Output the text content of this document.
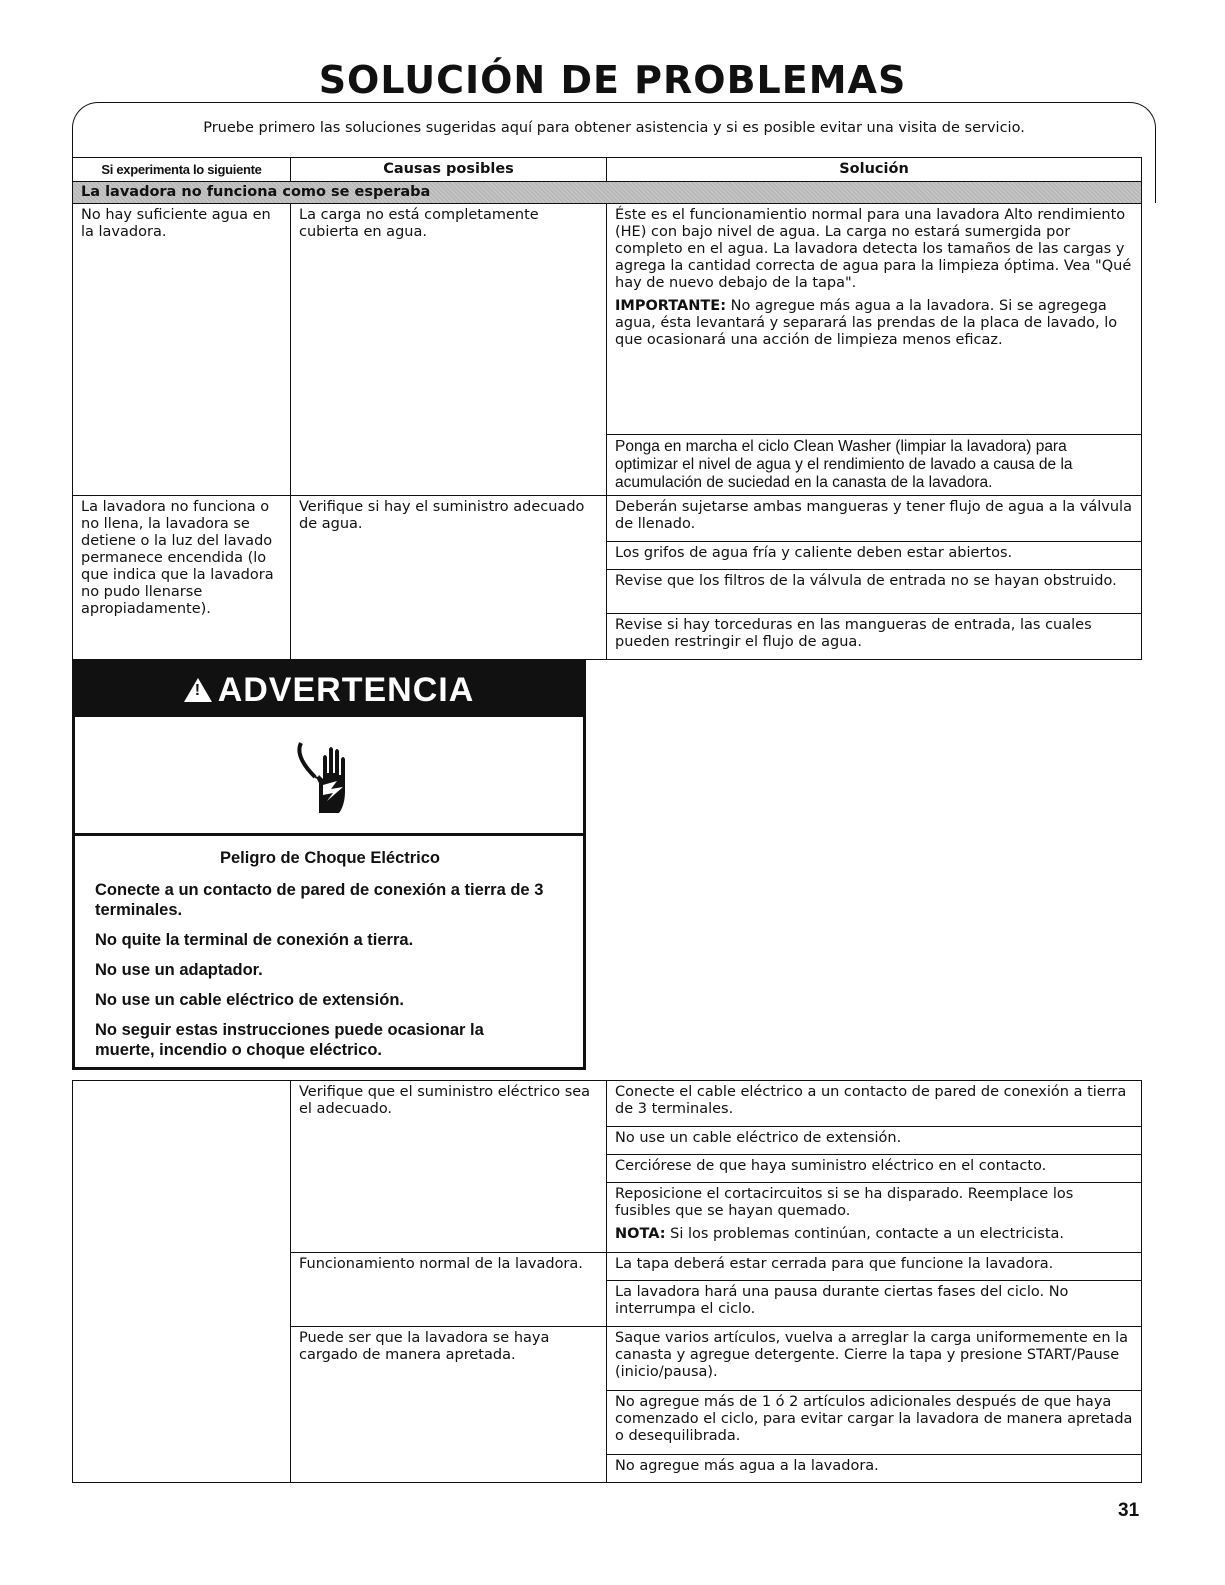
SOLUCIÓN DE PROBLEMAS
Pruebe primero las soluciones sugeridas aquí para obtener asistencia y si es posible evitar una visita de servicio.
Si experimenta lo siguiente	Causas posibles	Solución
La lavadora no funciona como se esperaba		
No hay suficiente agua en la lavadora.	La carga no está completamente cubierta en agua.	Éste es el funcionamientio normal para una lavadora Alto rendimiento (HE) con bajo nivel de agua. La carga no estará sumergida por completo en el agua. La lavadora detecta los tamaños de las cargas y agrega la cantidad correcta de agua para la limpieza óptima. Vea "Qué hay de nuevo debajo de la tapa".

IMPORTANTE: No agregue más agua a la lavadora. Si se agregega agua, ésta levantará y separará las prendas de la placa de lavado, lo que ocasionará una acción de limpieza menos eficaz.

		Ponga en marcha el ciclo Clean Washer (limpiar la lavadora) para optimizar el nivel de agua y el rendimiento de lavado a causa de la acumulación de suciedad en la canasta de la lavadora.
La lavadora no funciona o no llena, la lavadora se detiene o la luz del lavado permanece encendida (lo que indica que la lavadora no pudo llenarse apropiadamente).	Verifique si hay el suministro adecuado de agua.	Deberán sujetarse ambas mangueras y tener flujo de agua a la válvula de llenado.
		Los grifos de agua fría y caliente deben estar abiertos.
		Revise que los filtros de la válvula de entrada no se hayan obstruido.
		Revise si hay torceduras en las mangueras de entrada, las cuales pueden restringir el flujo de agua.
! ADVERTENCIA

Peligro de Choque Eléctrico

Conecte a un contacto de pared de conexión a tierra de 3 terminales.

No quite la terminal de conexión a tierra.

No use un adaptador.

No use un cable eléctrico de extensión.

No seguir estas instrucciones puede ocasionar la muerte, incendio o choque eléctrico.

	Verifique que el suministro eléctrico sea el adecuado.	Conecte el cable eléctrico a un contacto de pared de conexión a tierra de 3 terminales.
		No use un cable eléctrico de extensión.
		Cerciórese de que haya suministro eléctrico en el contacto.

		Reposicione el cortacircuitos si se ha disparado. Reemplace los fusibles que se hayan quemado.

NOTA: Si los problemas continúan, contacte a un electricista.

	Funcionamiento normal de la lavadora.	La tapa deberá estar cerrada para que funcione la lavadora.
		La lavadora hará una pausa durante ciertas fases del ciclo. No interrumpa el ciclo.
	Puede ser que la lavadora se haya cargado de manera apretada.	Saque varios artículos, vuelva a arreglar la carga uniformemente en la canasta y agregue detergente. Cierre la tapa y presione START/Pause (inicio/pausa).
		No agregue más de 1 ó 2 artículos adicionales después de que haya comenzado el ciclo, para evitar cargar la lavadora de manera apretada o desequilibrada.
		No agregue más agua a la lavadora.
31
